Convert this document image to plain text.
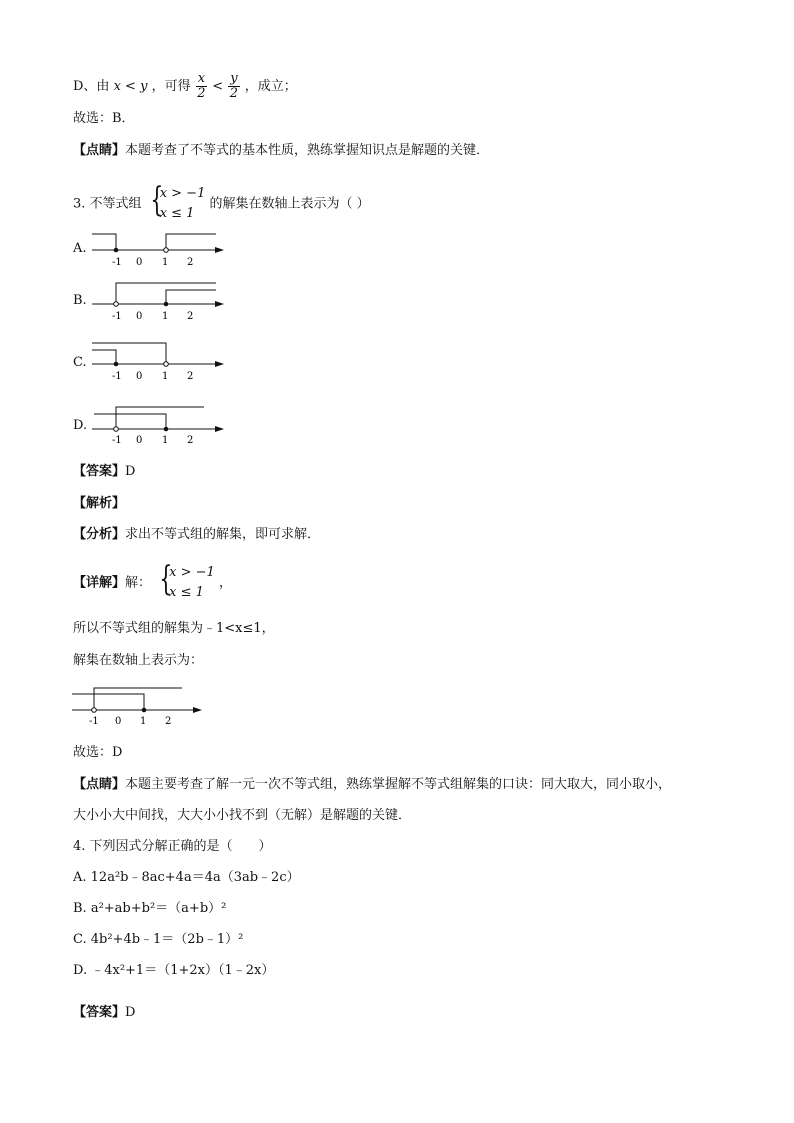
D、由 x < y ，可得 $\frac{x}{2} < \frac{y}{2}$ ，成立；
故选：B．
【点睛】本题考查了不等式的基本性质，熟练掌握知识点是解题的关键．
3. 不等式组 {
x > −1
x ≤ 1
的解集在数轴上表示为（ ）
A.
-1 0 1 2
B.
-1 0 1 2
C.
-1 0 1 2
D.
-1 0 1 2
【答案】D
【解析】
【分析】求出不等式组的解集，即可求解．
【详解】解： {
x > −1
x ≤ 1
，
所以不等式组的解集为﹣1<x≤1，
解集在数轴上表示为：
-1 0 1 2
故选：D
【点睛】本题主要考查了解一元一次不等式组，熟练掌握解不等式组解集的口诀：同大取大，同小取小，
大小小大中间找，大大小小找不到（无解）是解题的关键．
4. 下列因式分解正确的是（　　）
A. 12a²b﹣8ac+4a＝4a（3ab﹣2c）
B. a²+ab+b²＝（a+b）²
C. 4b²+4b﹣1＝（2b﹣1）²
D. ﹣4x²+1＝（1+2x）（1﹣2x）
【答案】D
